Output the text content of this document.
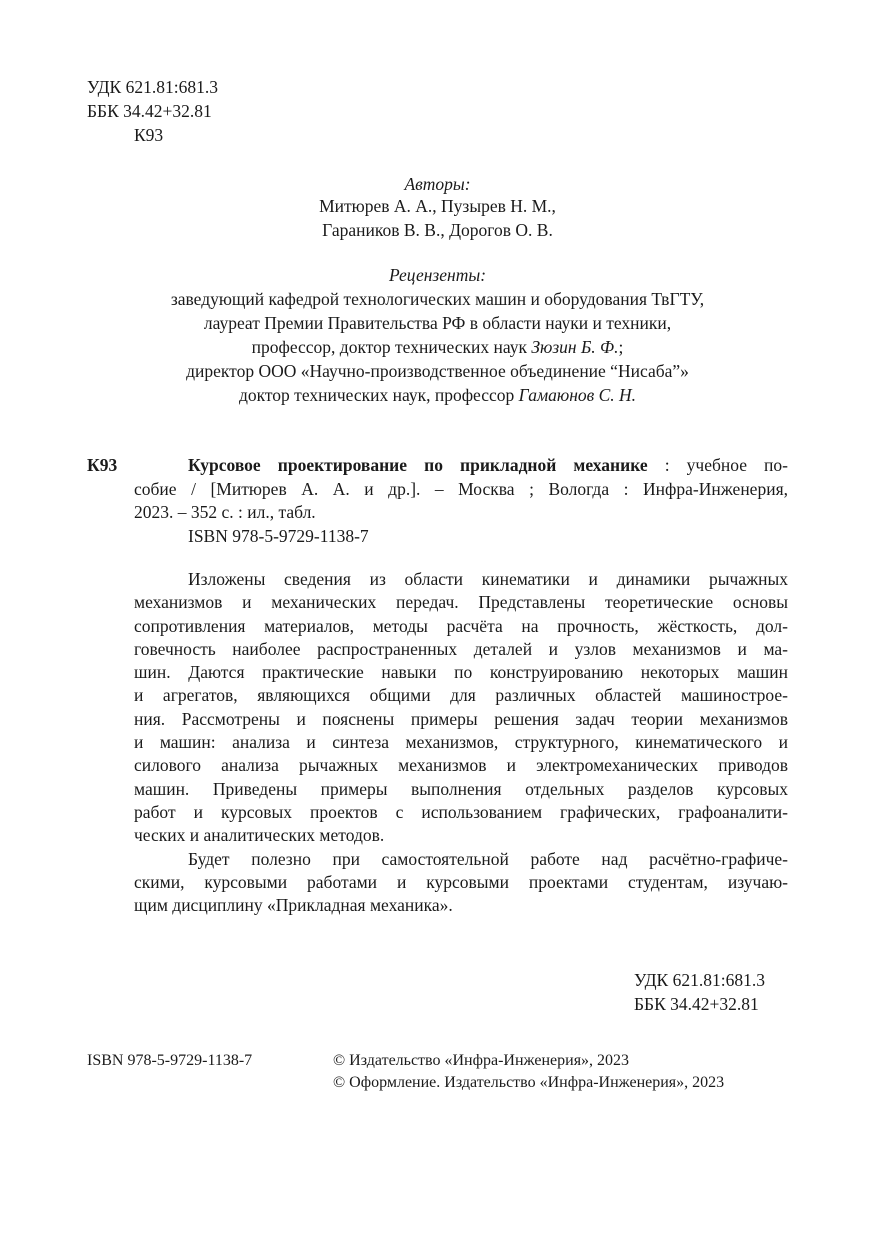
УДК 621.81:681.3
ББК 34.42+32.81
К93
Авторы:
Митюрев А. А., Пузырев Н. М.,
Гараников В. В., Дорогов О. В.
Рецензенты:
заведующий кафедрой технологических машин и оборудования ТвГТУ,
лауреат Премии Правительства РФ в области науки и техники,
профессор, доктор технических наук Зюзин Б. Ф.;
директор ООО «Научно-производственное объединение “Нисаба”»
доктор технических наук, профессор Гамаюнов С. Н.
К93	Курсовое проектирование по прикладной механике : учебное по-
собие / [Митюрев А. А. и др.]. – Москва ; Вологда : Инфра-Инженерия,
2023. – 352 с. : ил., табл.
ISBN 978-5-9729-1138-7
Изложены сведения из области кинематики и динамики рычажных
механизмов и механических передач. Представлены теоретические основы
сопротивления материалов, методы расчёта на прочность, жёсткость, дол-
говечность наиболее распространенных деталей и узлов механизмов и ма-
шин. Даются практические навыки по конструированию некоторых машин
и агрегатов, являющихся общими для различных областей машинострое-
ния. Рассмотрены и пояснены примеры решения задач теории механизмов
и машин: анализа и синтеза механизмов, структурного, кинематического и
силового анализа рычажных механизмов и электромеханических приводов
машин. Приведены примеры выполнения отдельных разделов курсовых
работ и курсовых проектов с использованием графических, графоаналити-
ческих и аналитических методов.
Будет полезно при самостоятельной работе над расчётно-графиче-
скими, курсовыми работами и курсовыми проектами студентам, изучаю-
щим дисциплину «Прикладная механика».
УДК 621.81:681.3
ББК 34.42+32.81
ISBN 978-5-9729-1138-7	© Издательство «Инфра-Инженерия», 2023
© Оформление. Издательство «Инфра-Инженерия», 2023
